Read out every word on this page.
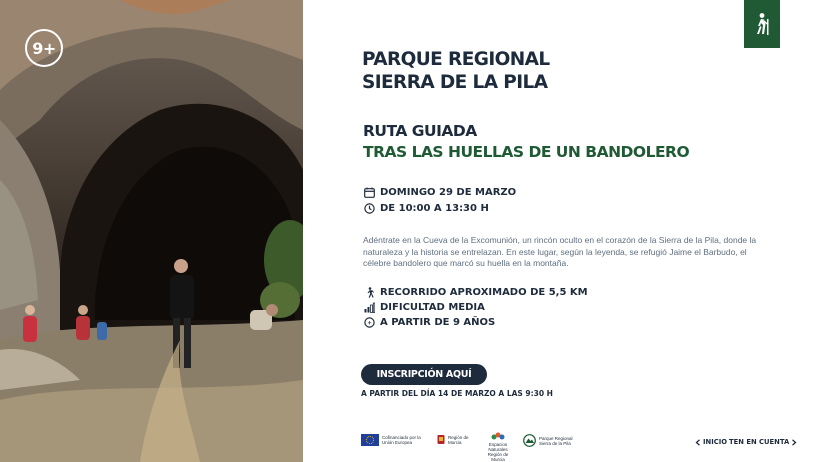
9+
PARQUE REGIONAL
SIERRA DE LA PILA
RUTA GUIADA
TRAS LAS HUELLAS DE UN BANDOLERO
DOMINGO 29 DE MARZO
DE 10:00 A 13:30 H

Adéntrate en la Cueva de la Excomunión, un rincón oculto en el corazón de la Sierra de la Pila, donde la naturaleza y la historia se entrelazan. En este lugar, según la leyenda, se refugió Jaime el Barbudo, el célebre bandolero que marcó su huella en la montaña.

RECORRIDO APROXIMADO DE 5,5 KM
DIFICULTAD MEDIA
+ A PARTIR DE 9 AÑOS
INSCRIPCIÓN AQUÍ
A PARTIR DEL DÍA 14 DE MARZO A LAS 9:30 H
Cofinanciado por la Unión Europea
Región de Murcia	Espacios Naturales Región de Murcia
Parque Regional Sierra de la Pila	INICIO TEN EN CUENTA
